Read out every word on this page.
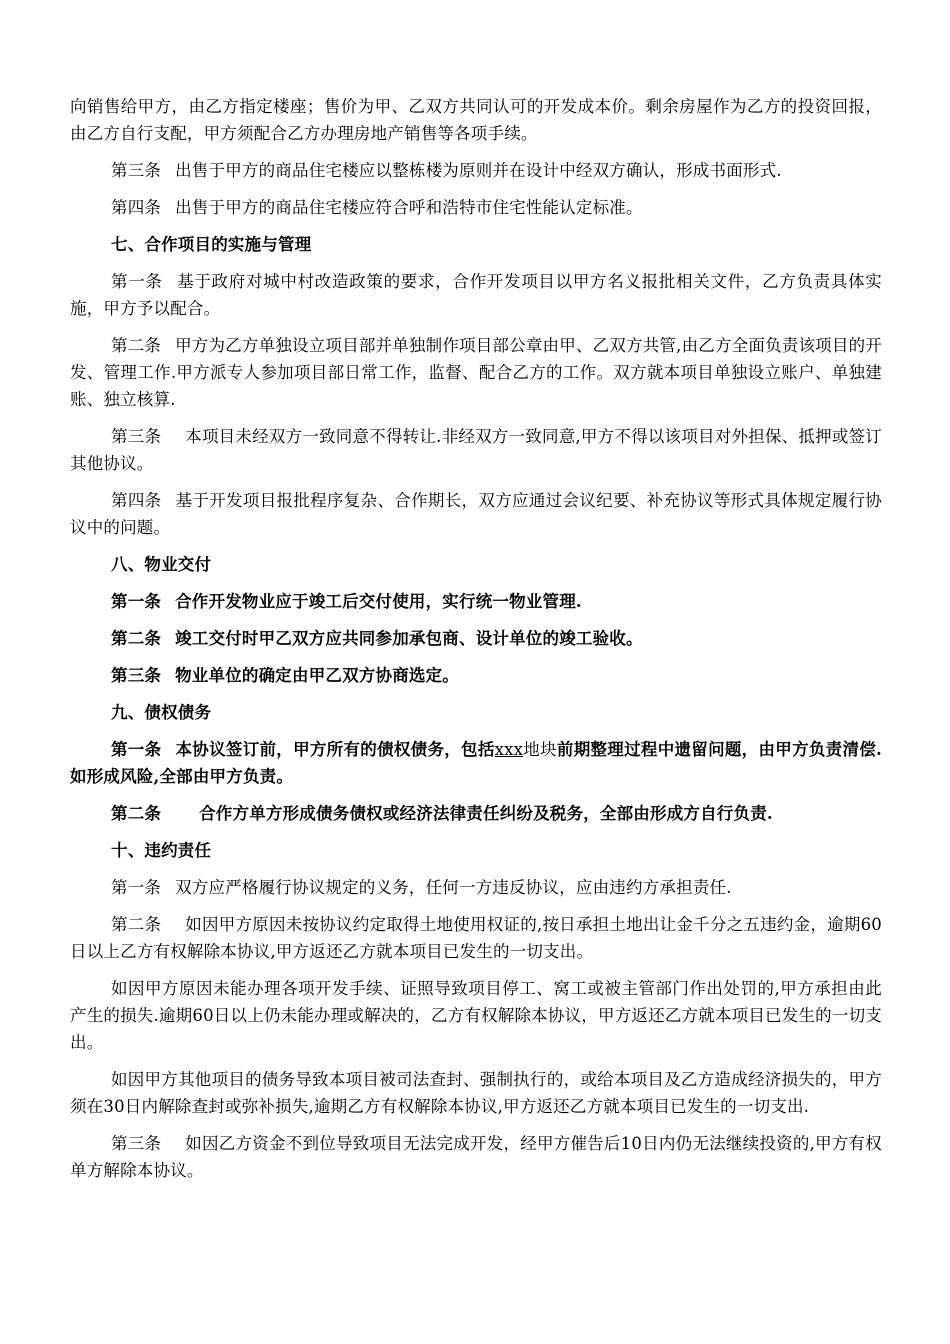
向销售给甲方，由乙方指定楼座；售价为甲、乙双方共同认可的开发成本价。剩余房屋作为乙方的投资回报，由乙方自行支配，甲方须配合乙方办理房地产销售等各项手续。

第三条 出售于甲方的商品住宅楼应以整栋楼为原则并在设计中经双方确认，形成书面形式.

第四条 出售于甲方的商品住宅楼应符合呼和浩特市住宅性能认定标准。

七、合作项目的实施与管理

第一条 基于政府对城中村改造政策的要求，合作开发项目以甲方名义报批相关文件，乙方负责具体实施，甲方予以配合。

第二条 甲方为乙方单独设立项目部并单独制作项目部公章由甲、乙双方共管,由乙方全面负责该项目的开发、管理工作.甲方派专人参加项目部日常工作，监督、配合乙方的工作。双方就本项目单独设立账户、单独建账、独立核算.

第三条 本项目未经双方一致同意不得转让.非经双方一致同意,甲方不得以该项目对外担保、抵押或签订其他协议。

第四条 基于开发项目报批程序复杂、合作期长，双方应通过会议纪要、补充协议等形式具体规定履行协议中的问题。

八、物业交付

第一条 合作开发物业应于竣工后交付使用，实行统一物业管理.

第二条 竣工交付时甲乙双方应共同参加承包商、设计单位的竣工验收。

第三条 物业单位的确定由甲乙双方协商选定。

九、债权债务

第一条 本协议签订前，甲方所有的债权债务，包括xxx地块前期整理过程中遗留问题，由甲方负责清偿.如形成风险,全部由甲方负责。

第二条 合作方单方形成债务债权或经济法律责任纠纷及税务，全部由形成方自行负责.

十、违约责任

第一条 双方应严格履行协议规定的义务，任何一方违反协议，应由违约方承担责任.

第二条 如因甲方原因未按协议约定取得土地使用权证的,按日承担土地出让金千分之五违约金，逾期60日以上乙方有权解除本协议,甲方返还乙方就本项目已发生的一切支出。

如因甲方原因未能办理各项开发手续、证照导致项目停工、窝工或被主管部门作出处罚的,甲方承担由此产生的损失.逾期60日以上仍未能办理或解决的，乙方有权解除本协议，甲方返还乙方就本项目已发生的一切支出。

如因甲方其他项目的债务导致本项目被司法查封、强制执行的，或给本项目及乙方造成经济损失的，甲方须在30日内解除查封或弥补损失,逾期乙方有权解除本协议,甲方返还乙方就本项目已发生的一切支出.

第三条 如因乙方资金不到位导致项目无法完成开发，经甲方催告后10日内仍无法继续投资的,甲方有权单方解除本协议。
